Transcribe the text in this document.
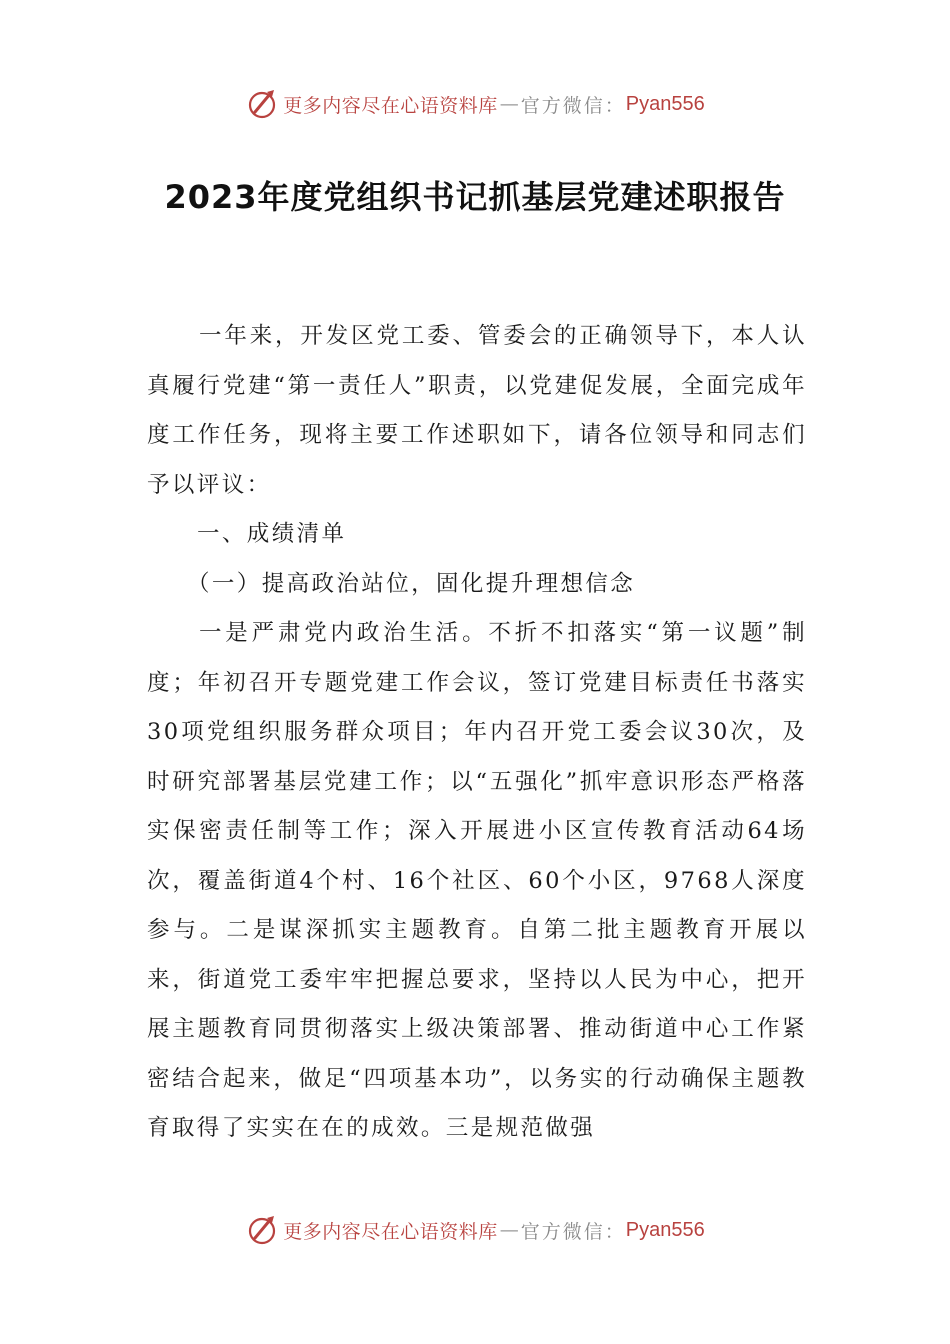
更多内容尽在心语资料库 — 官方微信： Pyan556
2023年度党组织书记抓基层党建述职报告

一年来，开发区党工委、管委会的正确领导下，本人认真履行党建“第一责任人”职责，以党建促发展，全面完成年度工作任务，现将主要工作述职如下，请各位领导和同志们予以评议：

一、成绩清单

（一）提高政治站位，固化提升理想信念

一是严肃党内政治生活。不折不扣落实“第一议题”制度；年初召开专题党建工作会议，签订党建目标责任书落实30项党组织服务群众项目；年内召开党工委会议30次，及时研究部署基层党建工作；以“五强化”抓牢意识形态严格落实保密责任制等工作；深入开展进小区宣传教育活动64场次，覆盖街道4个村、16个社区、60个小区，9768人深度参与。二是谋深抓实主题教育。自第二批主题教育开展以来，街道党工委牢牢把握总要求，坚持以人民为中心，把开展主题教育同贯彻落实上级决策部署、推动街道中心工作紧密结合起来，做足“四项基本功”，以务实的行动确保主题教育取得了实实在在的成效。三是规范做强

更多内容尽在心语资料库 — 官方微信： Pyan556
